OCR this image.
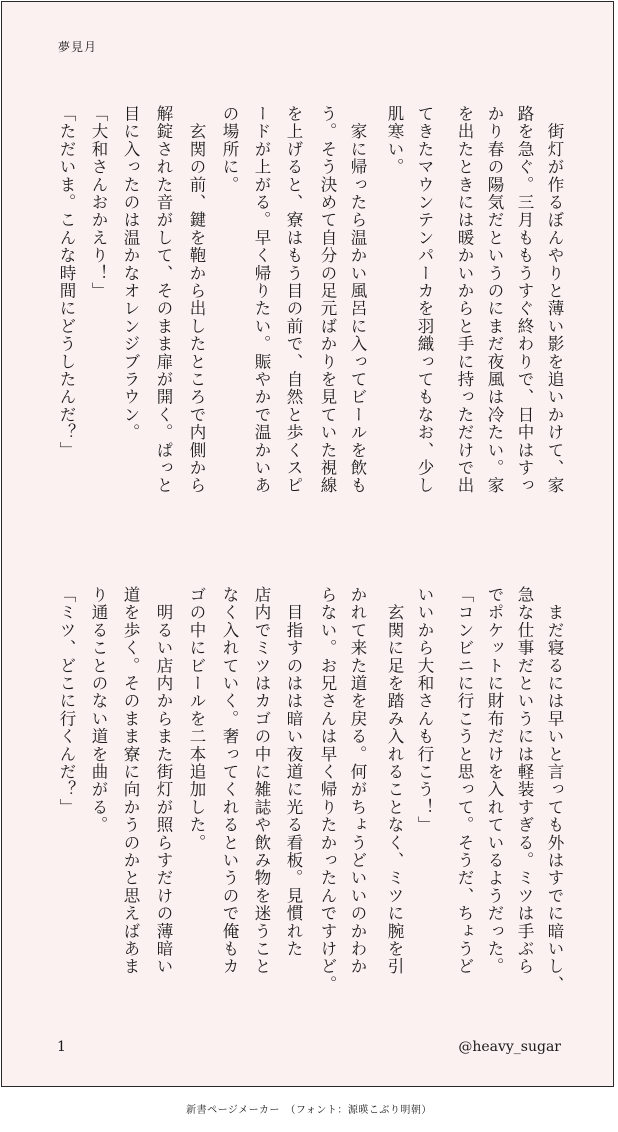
夢見月
　街灯が作るぼんやりと薄い影を追いかけて、家
路を急ぐ。三月ももうすぐ終わりで、日中はすっ
かり春の陽気だというのにまだ夜風は冷たい。家
を出たときには暖かいからと手に持っただけで出
てきたマウンテンパーカを羽織ってもなお、少し
肌寒い。
　家に帰ったら温かい風呂に入ってビールを飲も
う。そう決めて自分の足元ばかりを見ていた視線
を上げると、寮はもう目の前で、自然と歩くスピ
ードが上がる。早く帰りたい。賑やかで温かいあ
の場所に。
　玄関の前、鍵を鞄から出したところで内側から
解錠された音がして、そのまま扉が開く。ぱっと
目に入ったのは温かなオレンジブラウン。
「大和さんおかえり！」
「ただいま。こんな時間にどうしたんだ？」
　まだ寝るには早いと言っても外はすでに暗いし、
急な仕事だというには軽装すぎる。ミツは手ぶら
でポケットに財布だけを入れているようだった。
「コンビニに行こうと思って。そうだ、ちょうど
いいから大和さんも行こう！」
　玄関に足を踏み入れることなく、ミツに腕を引
かれて来た道を戻る。何がちょうどいいのかわか
らない。お兄さんは早く帰りたかったんですけど。
　目指すのはは暗い夜道に光る看板。見慣れた
店内でミツはカゴの中に雑誌や飲み物を迷うこと
なく入れていく。奢ってくれるというので俺もカ
ゴの中にビールを二本追加した。
　明るい店内からまた街灯が照らすだけの薄暗い
道を歩く。そのまま寮に向かうのかと思えばあま
り通ることのない道を曲がる。
「ミツ、どこに行くんだ？」
1	@heavy_sugar
新書ページメーカー　（フォント：源暎こぶり明朝）
